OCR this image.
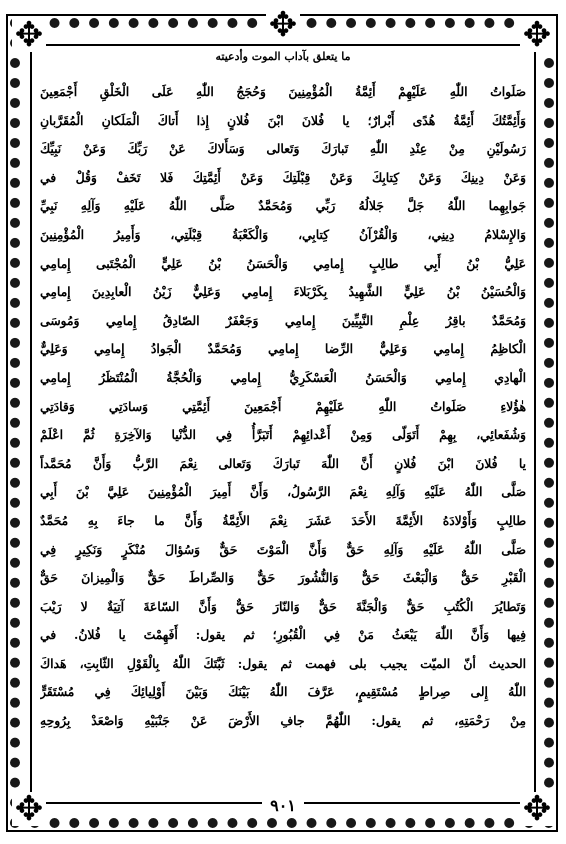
✥	✥
✥	✥
✥
ما يتعلق بآداب الموت وأدعيته
صَلَواتُ اللّٰهِ عَلَيْهِمْ أَئِمَّةُ الْمُؤْمِنِينَ وَحُجَجُ اللّٰهِ عَلَى الْخَلْقِ أَجْمَعِينَ
وَأَئِمَّتُكَ أَئِمَّةُ هُدًى أَبْرارٌ؛ يا فُلانَ ابْنَ فُلانٍ إِذا أَتاكَ الْمَلَكانِ الْمُقَرَّبانِ
رَسُولَيْنِ مِنْ عِنْدِ اللّٰهِ تَبارَكَ وَتَعالى وَسَأَلاكَ عَنْ رَبِّكَ وَعَنْ نَبِيِّكَ
وَعَنْ دِينِكَ وَعَنْ كِتابِكَ وَعَنْ قِبْلَتِكَ وَعَنْ أَئِمَّتِكَ فَلا تَخَفْ وَقُلْ في
جَوابِهِما اللّٰهُ جَلَّ جَلالُهُ رَبِّي وَمُحَمَّدٌ صَلَّى اللّٰهُ عَلَيْهِ وَآلِهِ نَبِيِّ
وَالإِسْلامُ دِينِي، وَالْقُرْآنُ كِتابِي، وَالْكَعْبَةُ قِبْلَتِي، وَأَمِيرُ الْمُؤْمِنِينَ
عَلِيُّ بْنُ أَبِي طالِبٍ إِمامِي وَالْحَسَنُ بْنُ عَلِيٍّ الْمُجْتَبى إِمامِي
وَالْحُسَيْنُ بْنُ عَلِيٍّ الشَّهِيدُ بِكَرْبَلاءَ إِمامِي وَعَلِيٌّ زَيْنُ الْعابِدِينَ إِمامِي
وَمُحَمَّدٌ باقِرُ عِلْمِ النَّبِيِّينَ إِمامِي وَجَعْفَرٌ الصّادِقُ إِمامِي وَمُوسَى
الْكاظِمُ إِمامِي وَعَلِيٌّ الرِّضا إِمامِي وَمُحَمَّدٌ الْجَوادُ إِمامِي وَعَلِيٌّ
الْهادِي إِمامِي وَالْحَسَنُ الْعَسْكَرِيُّ إِمامِي وَالْحُجَّةُ الْمُنْتَظَرُ إِمامِي
هٰؤُلاءِ صَلَواتُ اللّٰهِ عَلَيْهِمْ أَجْمَعِينَ أَئِمَّتِي وَسادَتِي وَقادَتِي
وَشُفَعائِي، بِهِمْ أَتَوَلّى وَمِنْ أَعْدائِهِمْ أَتَبَرَّأُ فِي الدُّنْيا وَالآخِرَةِ ثُمَّ اعْلَمْ
يا فُلانَ ابْنَ فُلانٍ أَنَّ اللّٰهَ تَبارَكَ وَتَعالى نِعْمَ الرَّبُّ وَأَنَّ مُحَمَّداً
صَلَّى اللّٰهُ عَلَيْهِ وَآلِهِ نِعْمَ الرَّسُولُ، وَأَنَّ أَمِيرَ الْمُؤْمِنِينَ عَلِيَّ بْنَ أَبِي
طالِبٍ وَأَوْلادَهُ الأَئِمَّةَ الأَحَدَ عَشَرَ نِعْمَ الأَئِمَّةُ وَأَنَّ ما جاءَ بِهِ مُحَمَّدٌ
صَلَّى اللّٰهُ عَلَيْهِ وَآلِهِ حَقٌّ وَأَنَّ الْمَوْتَ حَقٌّ وَسُؤالَ مُنْكَرٍ وَنَكِيرٍ فِي
الْقَبْرِ حَقٌّ وَالْبَعْثَ حَقٌّ وَالنُّشُورَ حَقٌّ وَالصِّراطَ حَقٌّ وَالْمِيزانَ حَقٌّ
وَتَطايُرَ الْكُتُبِ حَقٌّ وَالْجَنَّةَ حَقٌّ وَالنّارَ حَقٌّ وَأَنَّ السّاعَةَ آتِيَةٌ لا رَيْبَ
فِيها وَأَنَّ اللّٰهَ يَبْعَثُ مَنْ فِي الْقُبُورِ؛ ثم يقول: أَفَهِمْتَ يا فُلانُ. في
الحديث أنّ الميّت يجيب بلى فهمت ثم يقول: ثَبَّتَكَ اللّٰهُ بِالْقَوْلِ الثّابِتِ، هَداكَ
اللّٰهُ إِلى صِراطٍ مُسْتَقِيمٍ، عَرَّفَ اللّٰهُ بَيْنَكَ وَبَيْنَ أَوْلِيائِكَ فِي مُسْتَقَرٍّ
مِنْ رَحْمَتِهِ، ثم يقول: اللّٰهُمَّ جافِ الأَرْضَ عَنْ جَنْبَيْهِ وَاصْعَدْ بِرُوحِهِ
٩٠١
